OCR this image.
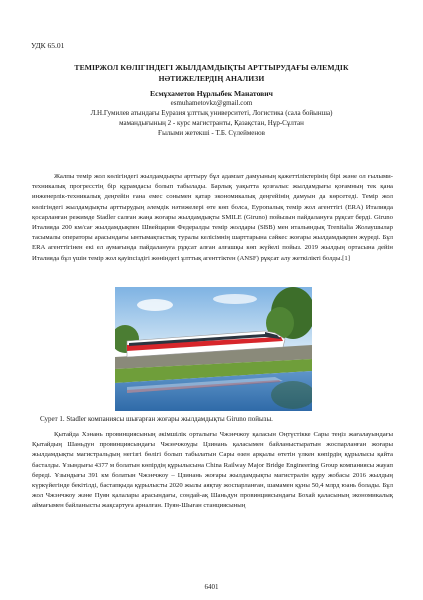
УДК 65.01
ТЕМІРЖОЛ КӨЛІГІНДЕГІ ЖЫЛДАМДЫҚТЫ АРТТЫРУДАҒЫ ӘЛЕМДІК НӘТИЖЕЛЕРДІҢ АНАЛИЗИ
Есмұхаметов Нұрлыбек Манатович
esmuhametovkz@gmail.com
Л.Н.Гумилев атындағы Еуразия ұлттық университеті, Логистика (сала бойынша)
мамандығының 2 - курс магистранты, Қазақстан, Нұр-Сұлтан
Ғылыми жетекші - Т.Б. Сүлейменов

Жалпы темір жол көлігіндегі жылдамдықты арттыру бұл адамзат дамуының қажеттіліктерінің бірі және ол ғылыми-техникалық прогресстің бір құрамдасы болып табылады. Барлық уақытта қозғалыс жылдамдығы қоғамның тек қана инженерлік-техникалық деңгейін ғана емес сонымен қатар экономикалық деңгейінің дамуын да көрсетеді. Темір жол көлігіндегі жылдамдықты арттырудың әлемдік нәтижелері өте көп болса, Еуропалық темір жол агенттігі (ERA) Италияда қосарланған режимде Stadler салған жаңа жоғары жылдамдықты SMILE (Giruno) пойызын пайдалануға рұқсат берді. Giruno Италияда 200 км/сағ жылдамдықпен Швейцария Федералды темір жолдары (SBB) мен итальяндық Trenitalia Жолаушылар тасымалы операторы арасындағы ынтымақтастық туралы келісімнің шарттарына сәйкес жоғары жылдамдықпен жүреді. Бұл ERA агенттігінен екі ел аумағында пайдалануға рұқсат алған алғашқы көп жүйелі пойыз. 2019 жылдың ортасына дейін Италияда бұл үшін темір жол қауіпсіздігі жөніндегі ұлттық агенттіктен (ANSF) рұқсат алу жеткілікті болды.[1]

Сурет 1. Stadler компаниясы шығарған жоғары жылдамдықты Giruno пойызы.

Қытайда Хэнань провинциясының әкімшілік орталығы Чжэнчжоу қаласын Оңтүстікке Сары теңіз жағалауындағы Қытайдың Шаньдун провинциясындағы Чжэнчжоуды Цзинань қаласымен байланыстыратын жоспарланған жоғары жылдамдықты магистральдың негізгі бөлігі болып табылатын Сары өзен арқылы өтетін үлкен көпірдің құрылысы қайта басталды. Ұзындығы 4377 м болатын көпірдің құрылысына China Railway Major Bridge Engineering Group компаниясы жауап береді. Ұзындығы 391 км болатын Чжэнчжоу – Цзинань жоғары жылдамдықты магистралін құру жобасы 2016 жылдың күркүйегінде бекітілді, бастапқыда құрылысты 2020 жылы аяқтау жоспарланған, шамамен құны 50,4 млрд юань болады. Бұл жол Чжэнчжоу және Пуян қалалары арасындағы, сондай-ақ Шаньдун провинциясындағы Бохай қаласының экономикалық аймағымен байланысты жақсартуға арналған. Пуян-Шыған станциясының

6401
